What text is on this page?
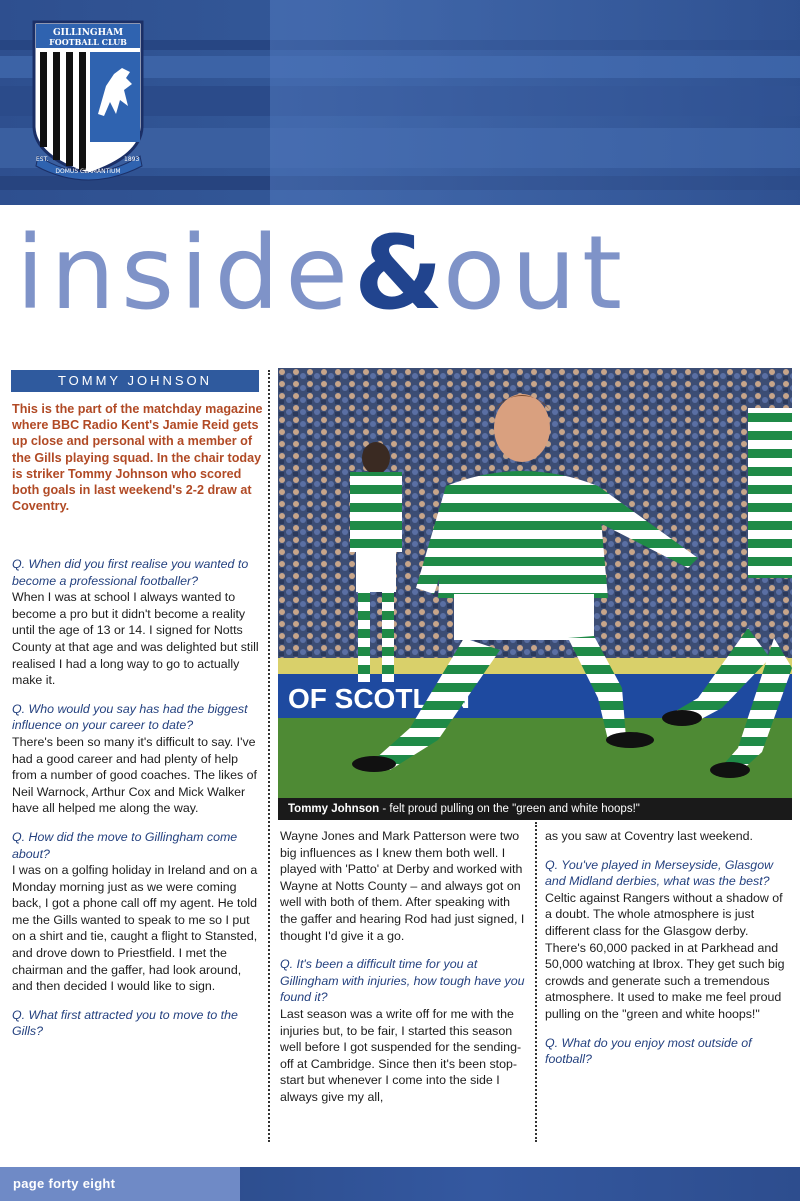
GILLINGHAM
FOOTBALL CLUB
DOMUS CLAMANTIUM
EST.	1893
inside&out
TOMMY JOHNSON
This is the part of the matchday magazine where BBC Radio Kent's Jamie Reid gets up close and personal with a member of the Gills playing squad. In the chair today is striker Tommy Johnson who scored both goals in last weekend's 2-2 draw at Coventry.

Q. When did you first realise you wanted to become a professional footballer?

When I was at school I always wanted to become a pro but it didn't become a reality until the age of 13 or 14. I signed for Notts County at that age and was delighted but still realised I had a long way to go to actually make it.

Q. Who would you say has had the biggest influence on your career to date?

There's been so many it's difficult to say. I've had a good career and had plenty of help from a number of good coaches. The likes of Neil Warnock, Arthur Cox and Mick Walker have all helped me along the way.

Q. How did the move to Gillingham come about?

I was on a golfing holiday in Ireland and on a Monday morning just as we were coming back, I got a phone call off my agent. He told me the Gills wanted to speak to me so I put on a shirt and tie, caught a flight to Stansted, and drove down to Priestfield. I met the chairman and the gaffer, had look around, and then decided I would like to sign.

Q. What first attracted you to move to the Gills?

Wayne Jones and Mark Patterson were two big influences as I knew them both well. I played with 'Patto' at Derby and worked with Wayne at Notts County – and always got on well with both of them. After speaking with the gaffer and hearing Rod had just signed, I thought I'd give it a go.

Q. It's been a difficult time for you at Gillingham with injuries, how tough have you found it?

Last season was a write off for me with the injuries but, to be fair, I started this season well before I got suspended for the sending-off at Cambridge. Since then it's been stop-start but whenever I come into the side I always give my all,

as you saw at Coventry last weekend.

Q. You've played in Merseyside, Glasgow and Midland derbies, what was the best?

Celtic against Rangers without a shadow of a doubt. The whole atmosphere is just different class for the Glasgow derby. There's 60,000 packed in at Parkhead and 50,000 watching at Ibrox. They get such big crowds and generate such a tremendous atmosphere. It used to make me feel proud pulling on the "green and white hoops!"

Q. What do you enjoy most outside of football?

OF SCOTLAN
Tommy Johnson - felt proud pulling on the "green and white hoops!"
page forty eight
